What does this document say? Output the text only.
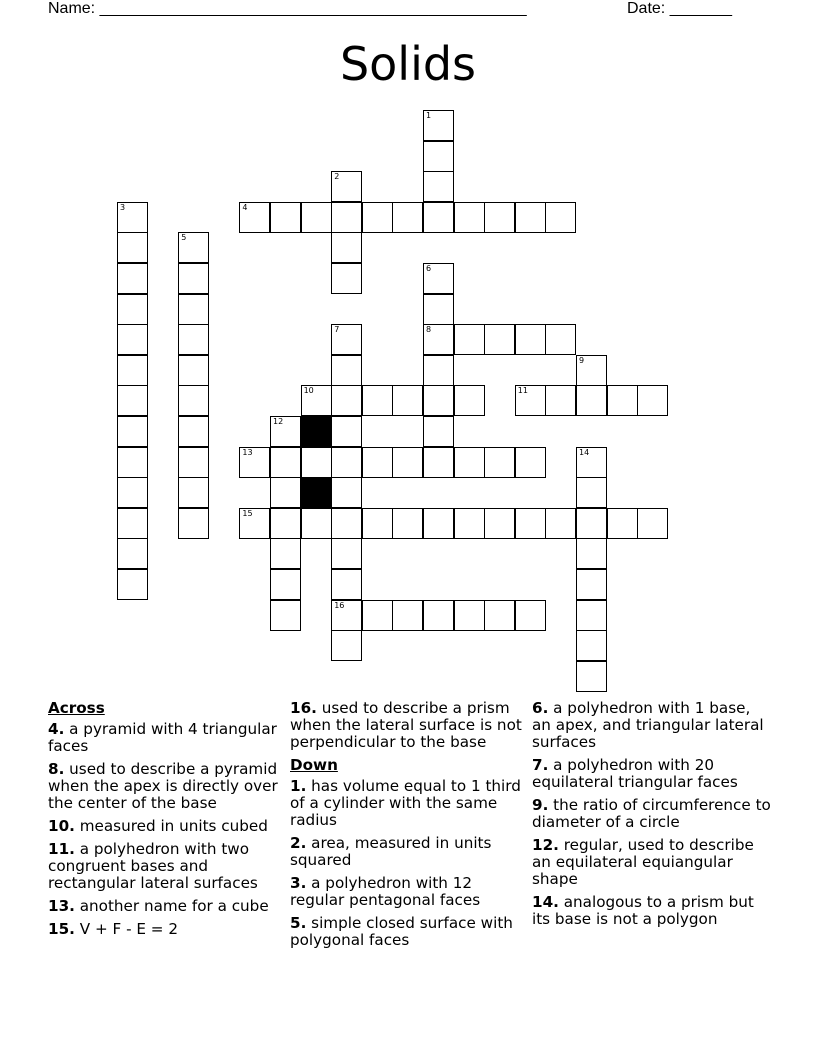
Name: ________________________________________________	Date: _______
Solids
1
2
3	4
5
6
8
7
16
9
10	11
12
13	14
15
Across
4. a pyramid with 4 triangular faces
8. used to describe a pyramid when the apex is directly over the center of the base
10. measured in units cubed
11. a polyhedron with two congruent bases and rectangular lateral surfaces
13. another name for a cube
15. V + F - E = 2
16. used to describe a prism when the lateral surface is not perpendicular to the base
Down
1. has volume equal to 1 third of a cylinder with the same radius
2. area, measured in units squared
3. a polyhedron with 12 regular pentagonal faces
5. simple closed surface with polygonal faces
6. a polyhedron with 1 base, an apex, and triangular lateral surfaces
7. a polyhedron with 20 equilateral triangular faces
9. the ratio of circumference to diameter of a circle
12. regular, used to describe an equilateral equiangular shape
14. analogous to a prism but its base is not a polygon
